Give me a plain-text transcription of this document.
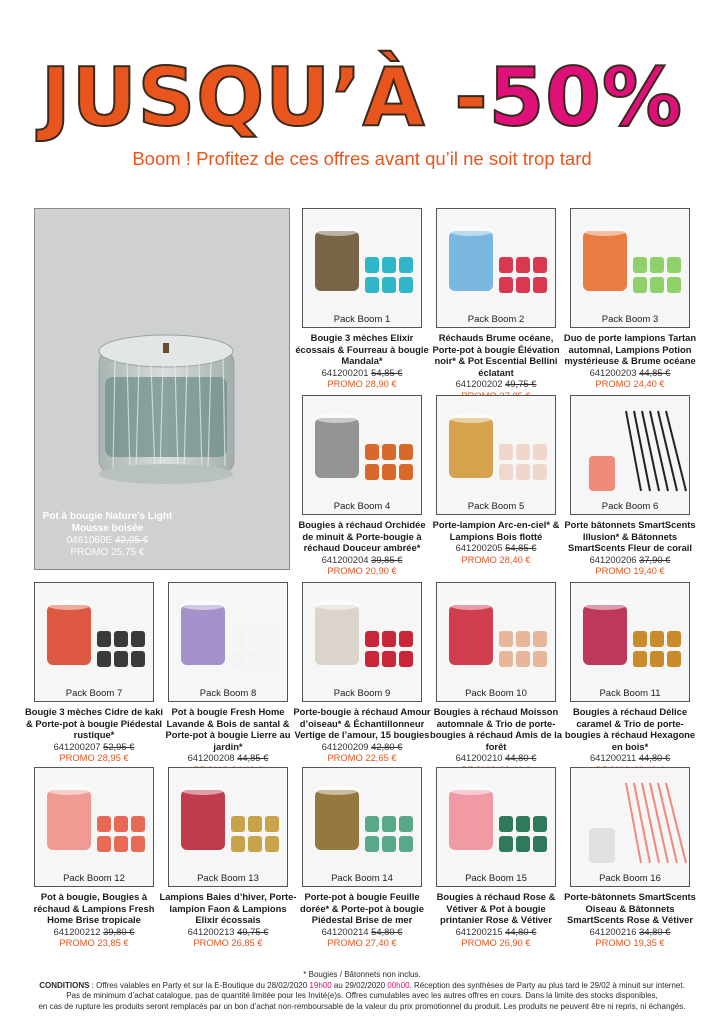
JUSQU’À -50%
Boom ! Profitez de ces offres avant qu’il ne soit trop tard
Pot à bougie Nature’s Light
Mousse boisée
0461060E 42,95 €
PROMO 25,75 €
Pack Boom 1
Bougie 3 mèches Elixir écossais & Fourreau à bougie Mandala*
641200201 54,85 €
PROMO 28,90 €
Pack Boom 2
Réchauds Brume océane, Porte-pot à bougie Élévation noir* & Pot Escential Bellini éclatant
641200202 49,75 €
Pack Boom 3
Duo de porte lampions Tartan automnal, Lampions Potion mystérieuse & Brume océane
641200203 44,85 €
PROMO 24,40 €
Pack Boom 4
Bougies à réchaud Orchidée de minuit & Porte-bougie à réchaud Douceur ambrée*
641200204 39,85 €
PROMO 20,90 €
Pack Boom 5
Porte-lampion Arc-en-ciel* & Lampions Bois flotté
641200205 54,85 €
PROMO 28,40 €
Pack Boom 6
Porte bâtonnets SmartScents Illusion* & Bâtonnets SmartScents Fleur de corail
641200206 37,90 €
PROMO 19,40 €
Pack Boom 7
Bougie 3 mèches Cidre de kaki & Porte-pot à bougie Piédestal rustique*
641200207 52,95 €
PROMO 28,95 €
Pack Boom 8
Pot à bougie Fresh Home Lavande & Bois de santal & Porte-pot à bougie Lierre au jardin*
641200208 44,85 €
Pack Boom 9
Porte-bougie à réchaud Amour d’oiseau* & Échantillonneur Vertige de l’amour, 15 bougies
641200209 42,80 €
PROMO 22,65 €
Pack Boom 10
Bougies à réchaud Moisson automnale & Trio de porte-bougies à réchaud Amis de la forêt
641200210 44,80 €
Pack Boom 11
Bougies à réchaud Délice caramel & Trio de porte-bougies à réchaud Hexagone en bois*
641200211 44,80 €
Pack Boom 12
Pot à bougie, Bougies à réchaud & Lampions Fresh Home Brise tropicale
641200212 39,80 €
PROMO 23,85 €
Pack Boom 13
Lampions Baies d’hiver, Porte-lampion Faon & Lampions Elixir écossais
641200213 49,75 €
PROMO 26,85 €
Pack Boom 14
Porte-pot à bougie Feuille dorée* & Porte-pot à bougie Piédestal Brise de mer
641200214 54,80 €
PROMO 27,40 €
Pack Boom 15
Bougies à réchaud Rose & Vétiver & Pot à bougie printanier Rose & Vétiver
641200215 44,80 €
PROMO 26,90 €
Pack Boom 16
Porte-bâtonnets SmartScents Oiseau & Bâtonnets SmartScents Rose & Vétiver
641200216 34,80 €
PROMO 19,35 €
* Bougies / Bâtonnets non inclus.
CONDITIONS : Offres valables en Party et sur la E-Boutique du 28/02/2020 19h00 au 29/02/2020 00h00. Réception des synthèses de Party au plus tard le 29/02 à minuit sur internet.
Pas de minimum d’achat catalogue, pas de quantité limitée pour les Invité(e)s. Offres cumulables avec les autres offres en cours. Dans la limite des stocks disponibles,
en cas de rupture les produits seront remplacés par un bon d’achat non-remboursable de la valeur du prix promotionnel du produit. Les produits ne peuvent être ni repris, ni échangés.
